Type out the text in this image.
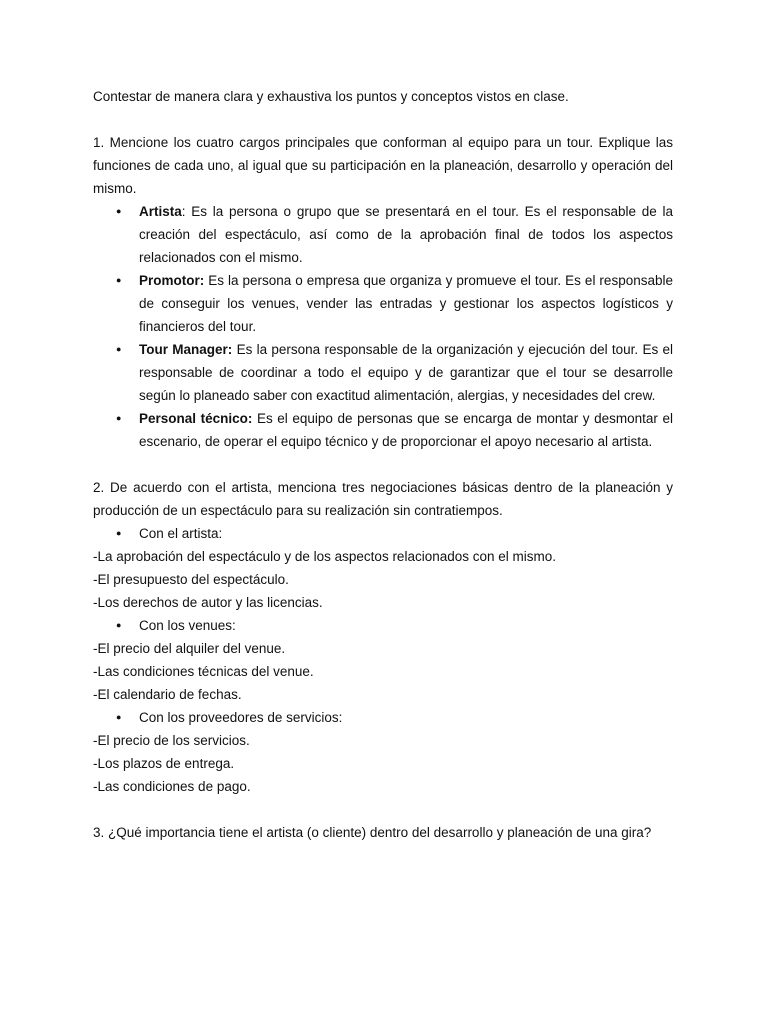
Contestar de manera clara y exhaustiva los puntos y conceptos vistos en clase.

1. Mencione los cuatro cargos principales que conforman al equipo para un tour. Explique las funciones de cada uno, al igual que su participación en la planeación, desarrollo y operación del mismo.

● Artista: Es la persona o grupo que se presentará en el tour. Es el responsable de la creación del espectáculo, así como de la aprobación final de todos los aspectos relacionados con el mismo.
● Promotor: Es la persona o empresa que organiza y promueve el tour. Es el responsable de conseguir los venues, vender las entradas y gestionar los aspectos logísticos y financieros del tour.
● Tour Manager: Es la persona responsable de la organización y ejecución del tour. Es el responsable de coordinar a todo el equipo y de garantizar que el tour se desarrolle según lo planeado saber con exactitud alimentación, alergias, y necesidades del crew.
● Personal técnico: Es el equipo de personas que se encarga de montar y desmontar el escenario, de operar el equipo técnico y de proporcionar el apoyo necesario al artista.

2. De acuerdo con el artista, menciona tres negociaciones básicas dentro de la planeación y producción de un espectáculo para su realización sin contratiempos.

● Con el artista:

-La aprobación del espectáculo y de los aspectos relacionados con el mismo.

-El presupuesto del espectáculo.

-Los derechos de autor y las licencias.

● Con los venues:

-El precio del alquiler del venue.

-Las condiciones técnicas del venue.

-El calendario de fechas.

● Con los proveedores de servicios:

-El precio de los servicios.

-Los plazos de entrega.

-Las condiciones de pago.

3. ¿Qué importancia tiene el artista (o cliente) dentro del desarrollo y planeación de una gira?
